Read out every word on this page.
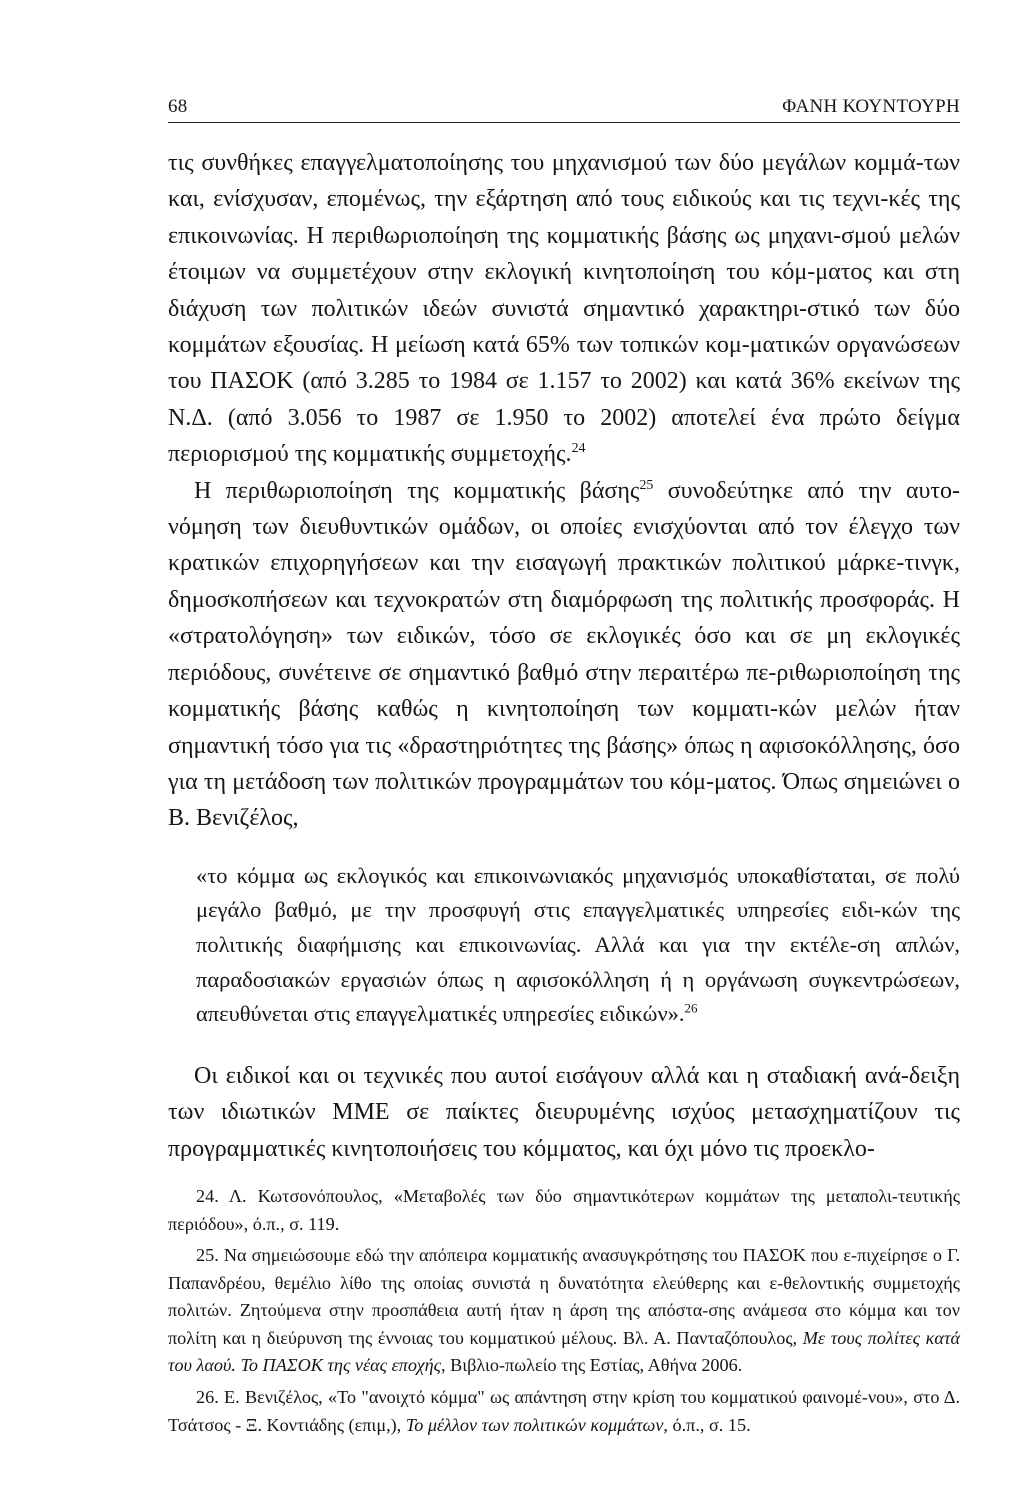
68	ΦΑΝΗ ΚΟΥΝΤΟΥΡΗ

τις συνθήκες επαγγελματοποίησης του μηχανισμού των δύο μεγάλων κομμά-των και, ενίσχυσαν, επομένως, την εξάρτηση από τους ειδικούς και τις τεχνι-κές της επικοινωνίας. Η περιθωριοποίηση της κομματικής βάσης ως μηχανι-σμού μελών έτοιμων να συμμετέχουν στην εκλογική κινητοποίηση του κόμ-ματος και στη διάχυση των πολιτικών ιδεών συνιστά σημαντικό χαρακτηρι-στικό των δύο κομμάτων εξουσίας. Η μείωση κατά 65% των τοπικών κομ-ματικών οργανώσεων του ΠΑΣΟΚ (από 3.285 το 1984 σε 1.157 το 2002) και κατά 36% εκείνων της Ν.Δ. (από 3.056 το 1987 σε 1.950 το 2002) αποτελεί ένα πρώτο δείγμα περιορισμού της κομματικής συμμετοχής.$^{24}$

Η περιθωριοποίηση της κομματικής βάσης$^{25}$ συνοδεύτηκε από την αυτο-νόμηση των διευθυντικών ομάδων, οι οποίες ενισχύονται από τον έλεγχο των κρατικών επιχορηγήσεων και την εισαγωγή πρακτικών πολιτικού μάρκε-τινγκ, δημοσκοπήσεων και τεχνοκρατών στη διαμόρφωση της πολιτικής προσφοράς. Η «στρατολόγηση» των ειδικών, τόσο σε εκλογικές όσο και σε μη εκλογικές περιόδους, συνέτεινε σε σημαντικό βαθμό στην περαιτέρω πε-ριθωριοποίηση της κομματικής βάσης καθώς η κινητοποίηση των κομματι-κών μελών ήταν σημαντική τόσο για τις «δραστηριότητες της βάσης» όπως η αφισοκόλλησης, όσο για τη μετάδοση των πολιτικών προγραμμάτων του κόμ-ματος. Όπως σημειώνει ο Β. Βενιζέλος,

«το κόμμα ως εκλογικός και επικοινωνιακός μηχανισμός υποκαθίσταται, σε πολύ μεγάλο βαθμό, με την προσφυγή στις επαγγελματικές υπηρεσίες ειδι-κών της πολιτικής διαφήμισης και επικοινωνίας. Αλλά και για την εκτέλε-ση απλών, παραδοσιακών εργασιών όπως η αφισοκόλληση ή η οργάνωση συγκεντρώσεων, απευθύνεται στις επαγγελματικές υπηρεσίες ειδικών».$^{26}$

Οι ειδικοί και οι τεχνικές που αυτοί εισάγουν αλλά και η σταδιακή ανά-δειξη των ιδιωτικών ΜΜΕ σε παίκτες διευρυμένης ισχύος μετασχηματίζουν τις προγραμματικές κινητοποιήσεις του κόμματος, και όχι μόνο τις προεκλο-

24. Λ. Κωτσονόπουλος, «Μεταβολές των δύο σημαντικότερων κομμάτων της μεταπολι-τευτικής περιόδου», ό.π., σ. 119.

25. Να σημειώσουμε εδώ την απόπειρα κομματικής ανασυγκρότησης του ΠΑΣΟΚ που ε-πιχείρησε ο Γ. Παπανδρέου, θεμέλιο λίθο της οποίας συνιστά η δυνατότητα ελεύθερης και ε-θελοντικής συμμετοχής πολιτών. Ζητούμενα στην προσπάθεια αυτή ήταν η άρση της απόστα-σης ανάμεσα στο κόμμα και τον πολίτη και η διεύρυνση της έννοιας του κομματικού μέλους. Βλ. Α. Πανταζόπουλος, Με τους πολίτες κατά του λαού. Το ΠΑΣΟΚ της νέας εποχής, Βιβλιο-πωλείο της Εστίας, Αθήνα 2006.

26. Ε. Βενιζέλος, «Το "ανοιχτό κόμμα" ως απάντηση στην κρίση του κομματικού φαινομέ-νου», στο Δ. Τσάτσος - Ξ. Κοντιάδης (επιμ,), Το μέλλον των πολιτικών κομμάτων, ό.π., σ. 15.
